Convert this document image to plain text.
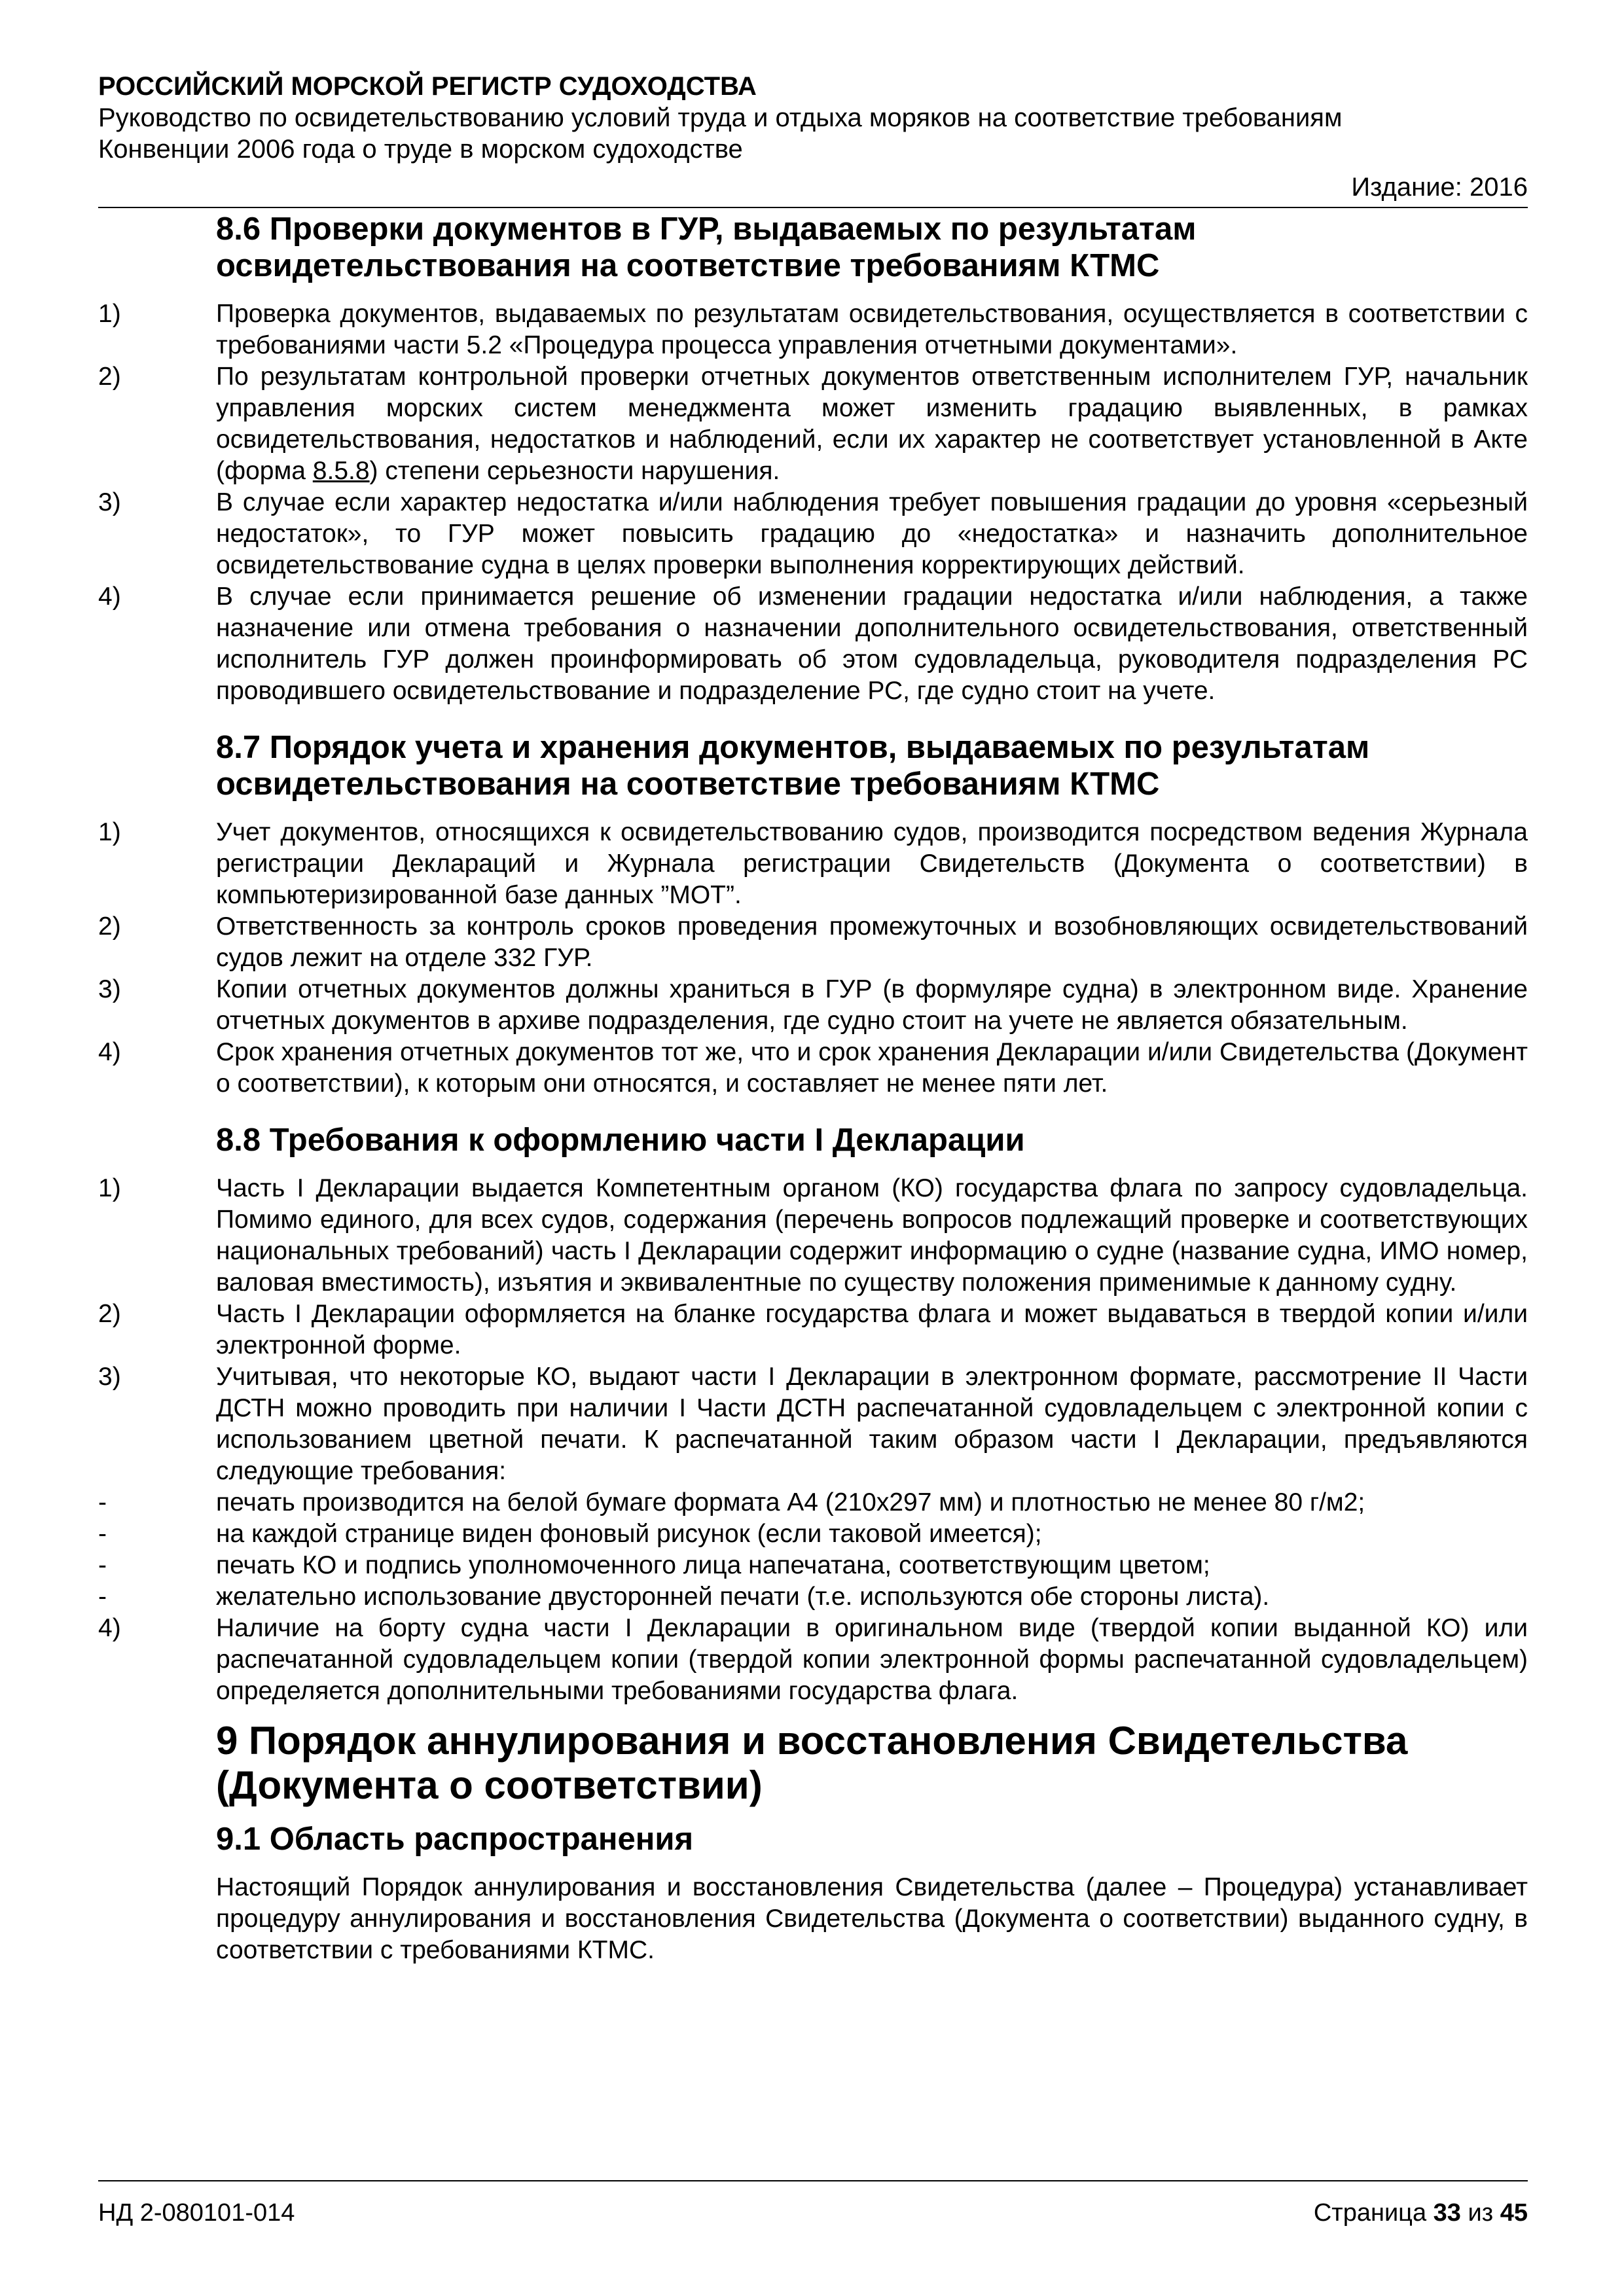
РОССИЙСКИЙ МОРСКОЙ РЕГИСТР СУДОХОДСТВА
Руководство по освидетельствованию условий труда и отдыха моряков на соответствие требованиям
Конвенции 2006 года о труде в морском судоходстве
Издание: 2016
8.6 Проверки документов в ГУР, выдаваемых по результатам
освидетельствования на соответствие требованиям КТМС
1)	Проверка документов, выдаваемых по результатам освидетельствования, осуществляется в соответствии с требованиями части 5.2 «Процедура процесса управления отчетными документами».
2)	По результатам контрольной проверки отчетных документов ответственным исполнителем ГУР, начальник управления морских систем менеджмента может изменить градацию выявленных, в рамках освидетельствования, недостатков и наблюдений, если их характер не соответствует установленной в Акте (форма 8.5.8) степени серьезности нарушения.
3)	В случае если характер недостатка и/или наблюдения требует повышения градации до уровня «серьезный недостаток», то ГУР может повысить градацию до «недостатка» и назначить дополнительное освидетельствование судна в целях проверки выполнения корректирующих действий.
4)	В случае если принимается решение об изменении градации недостатка и/или наблюдения, а также назначение или отмена требования о назначении дополнительного освидетельствования, ответственный исполнитель ГУР должен проинформировать об этом судовладельца, руководителя подразделения РС проводившего освидетельствование и подразделение РС, где судно стоит на учете.
8.7 Порядок учета и хранения документов, выдаваемых по результатам
освидетельствования на соответствие требованиям КТМС
1)	Учет документов, относящихся к освидетельствованию судов, производится посредством ведения Журнала регистрации Деклараций и Журнала регистрации Свидетельств (Документа о соответствии) в компьютеризированной базе данных ”МОТ”.
2)	Ответственность за контроль сроков проведения промежуточных и возобновляющих освидетельствований судов лежит на отделе 332 ГУР.
3)	Копии отчетных документов должны храниться в ГУР (в формуляре судна) в электронном виде. Хранение отчетных документов в архиве подразделения, где судно стоит на учете не является обязательным.
4)	Срок хранения отчетных документов тот же, что и срок хранения Декларации и/или Свидетельства (Документ о соответствии), к которым они относятся, и составляет не менее пяти лет.
8.8 Требования к оформлению части I Декларации
1)	Часть I Декларации выдается Компетентным органом (КО) государства флага по запросу судовладельца. Помимо единого, для всех судов, содержания (перечень вопросов подлежащий проверке и соответствующих национальных требований) часть I Декларации содержит информацию о судне (название судна, ИМО номер, валовая вместимость), изъятия и эквивалентные по существу положения применимые к данному судну.
2)	Часть I Декларации оформляется на бланке государства флага и может выдаваться в твердой копии и/или электронной форме.
3)	Учитывая, что некоторые КО, выдают части I Декларации в электронном формате, рассмотрение II Части ДСТН можно проводить при наличии I Части ДСТН распечатанной судовладельцем с электронной копии с использованием цветной печати. К распечатанной таким образом части I Декларации, предъявляются следующие требования:
-	печать производится на белой бумаге формата А4 (210х297 мм) и плотностью не менее 80 г/м2;
-	на каждой странице виден фоновый рисунок (если таковой имеется);
-	печать КО и подпись уполномоченного лица напечатана, соответствующим цветом;
-	желательно использование двусторонней печати (т.е. используются обе стороны листа).
4)	Наличие на борту судна части I Декларации в оригинальном виде (твердой копии выданной КО) или распечатанной судовладельцем копии (твердой копии электронной формы распечатанной судовладельцем) определяется дополнительными требованиями государства флага.
9 Порядок аннулирования и восстановления Свидетельства
(Документа о соответствии)
9.1 Область распространения
Настоящий Порядок аннулирования и восстановления Свидетельства (далее – Процедура) устанавливает процедуру аннулирования и восстановления Свидетельства (Документа о соответствии) выданного судну, в соответствии с требованиями КТМС.
НД 2-080101-014	Страница 33 из 45
